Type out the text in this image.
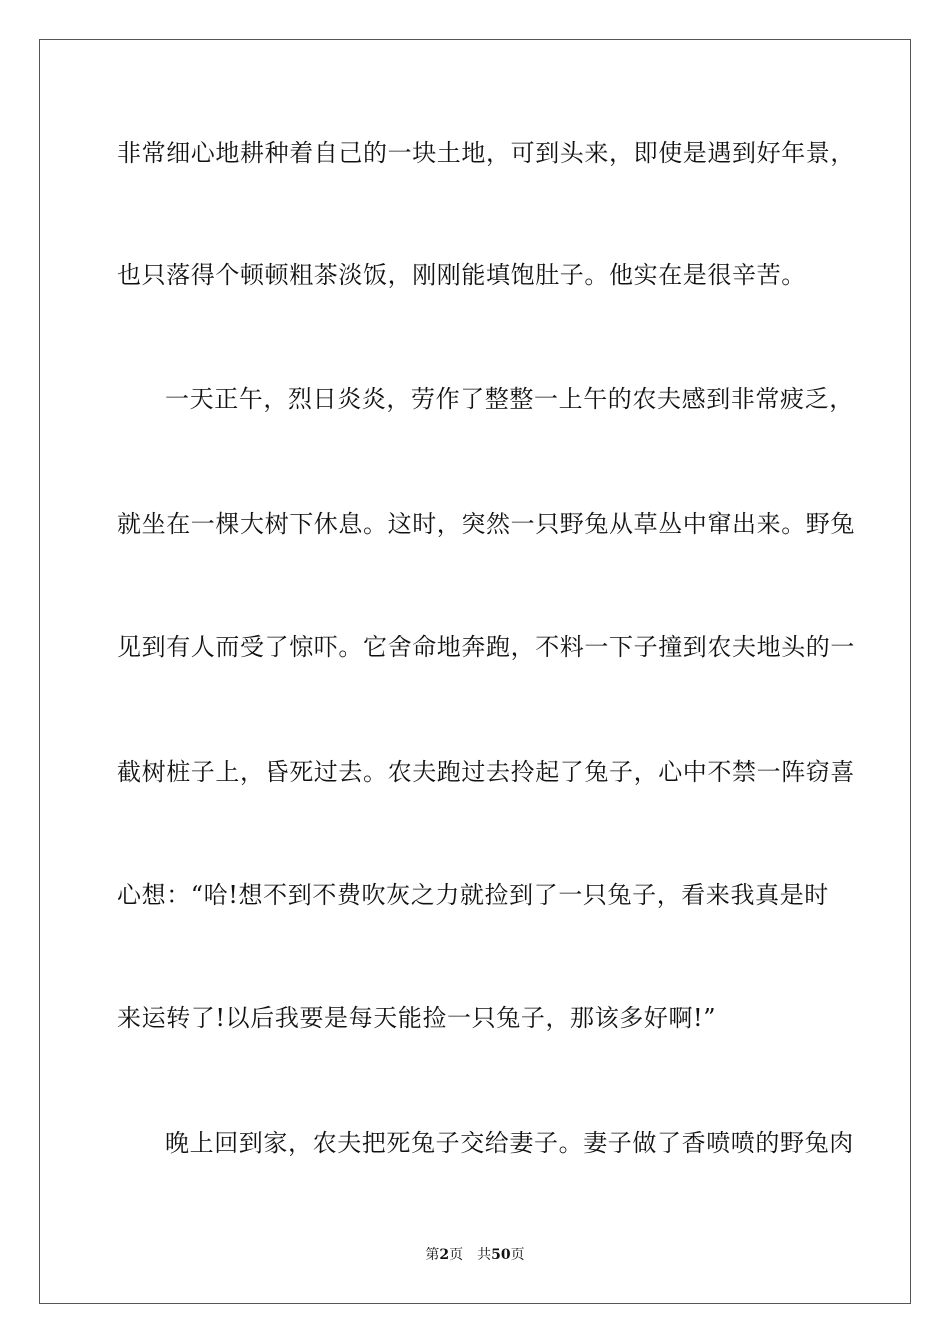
非常细心地耕种着自己的一块土地，可到头来，即使是遇到好年景，
也只落得个顿顿粗茶淡饭，刚刚能填饱肚子。他实在是很辛苦。
一天正午，烈日炎炎，劳作了整整一上午的农夫感到非常疲乏，
就坐在一棵大树下休息。这时，突然一只野兔从草丛中窜出来。野兔
见到有人而受了惊吓。它舍命地奔跑，不料一下子撞到农夫地头的一
截树桩子上，昏死过去。农夫跑过去拎起了兔子，心中不禁一阵窃喜
心想：“哈!想不到不费吹灰之力就捡到了一只兔子，看来我真是时
来运转了!以后我要是每天能捡一只兔子，那该多好啊!”
晚上回到家，农夫把死兔子交给妻子。妻子做了香喷喷的野兔肉
第2页 共50页
